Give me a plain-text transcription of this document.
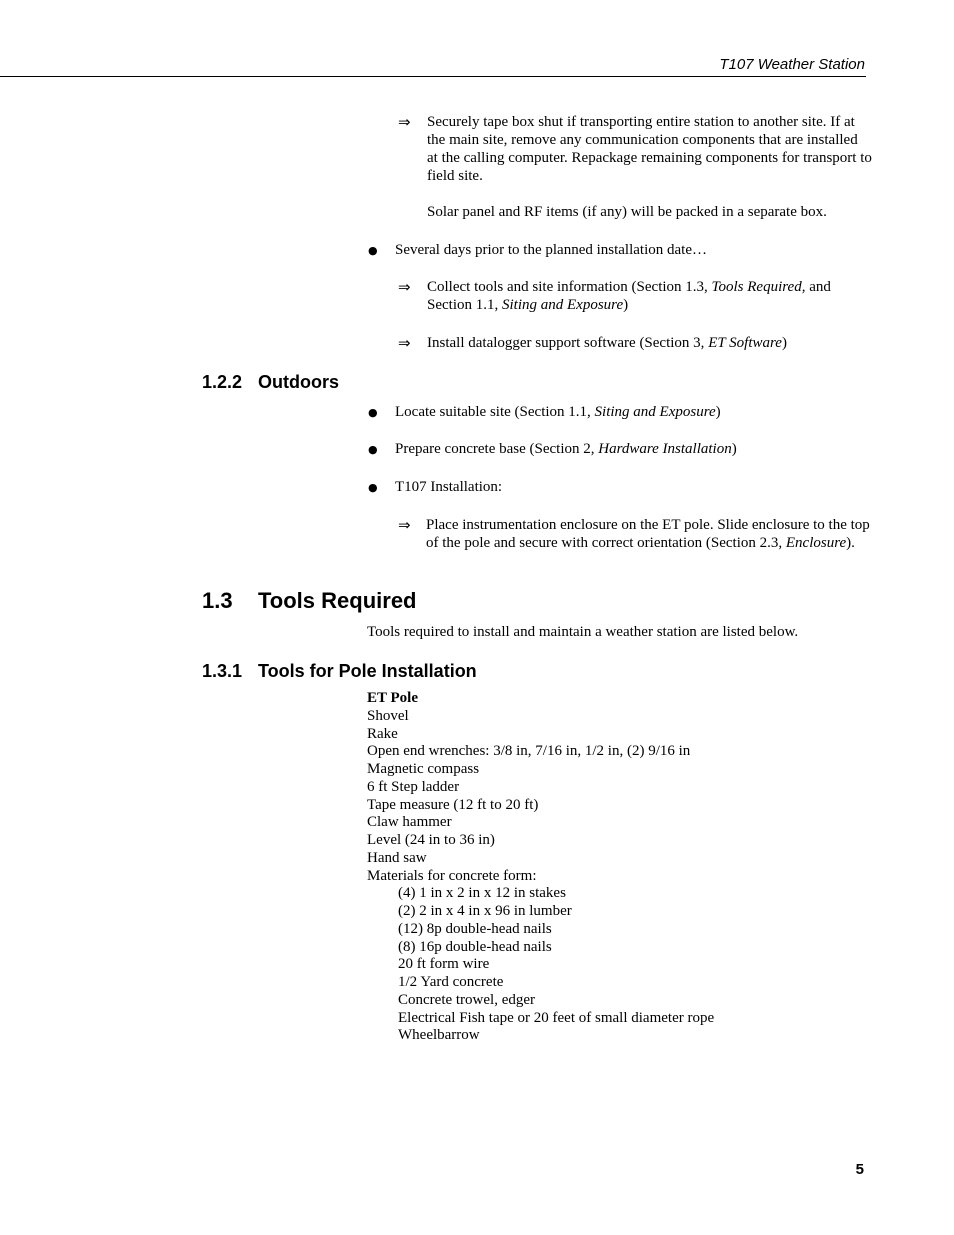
T107 Weather Station
⇒ Securely tape box shut if transporting entire station to another site. If at the main site, remove any communication components that are installed at the calling computer. Repackage remaining components for transport to field site.
Solar panel and RF items (if any) will be packed in a separate box.
● Several days prior to the planned installation date…
⇒ Collect tools and site information (Section 1.3, Tools Required, and Section 1.1, Siting and Exposure)
⇒ Install datalogger support software (Section 3, ET Software)
1.2.2 Outdoors
● Locate suitable site (Section 1.1, Siting and Exposure)
● Prepare concrete base (Section 2, Hardware Installation)
● T107 Installation:
⇒ Place instrumentation enclosure on the ET pole. Slide enclosure to the top of the pole and secure with correct orientation (Section 2.3, Enclosure).
1.3 Tools Required
Tools required to install and maintain a weather station are listed below.
1.3.1 Tools for Pole Installation
ET Pole
Shovel
Rake
Open end wrenches: 3/8 in, 7/16 in, 1/2 in, (2) 9/16 in
Magnetic compass
6 ft Step ladder
Tape measure (12 ft to 20 ft)
Claw hammer
Level (24 in to 36 in)
Hand saw
Materials for concrete form:
(4) 1 in x 2 in x 12 in stakes
(2) 2 in x 4 in x 96 in lumber
(12) 8p double-head nails
(8) 16p double-head nails
20 ft form wire
1/2 Yard concrete
Concrete trowel, edger
Electrical Fish tape or 20 feet of small diameter rope
Wheelbarrow
5
